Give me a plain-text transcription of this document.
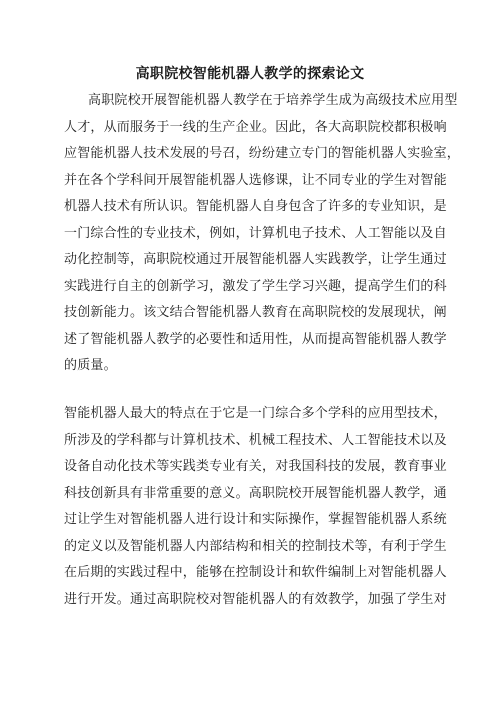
高职院校智能机器人教学的探索论文
高职院校开展智能机器人教学在于培养学生成为高级技术应用型
人才，从而服务于一线的生产企业。因此，各大高职院校都积极响
应智能机器人技术发展的号召，纷纷建立专门的智能机器人实验室，
并在各个学科间开展智能机器人选修课，让不同专业的学生对智能
机器人技术有所认识。智能机器人自身包含了许多的专业知识，是
一门综合性的专业技术，例如，计算机电子技术、人工智能以及自
动化控制等，高职院校通过开展智能机器人实践教学，让学生通过
实践进行自主的创新学习，激发了学生学习兴趣，提高学生们的科
技创新能力。该文结合智能机器人教育在高职院校的发展现状，阐
述了智能机器人教学的必要性和适用性，从而提高智能机器人教学
的质量。
智能机器人最大的特点在于它是一门综合多个学科的应用型技术，
所涉及的学科都与计算机技术、机械工程技术、人工智能技术以及
设备自动化技术等实践类专业有关，对我国科技的发展，教育事业
科技创新具有非常重要的意义。高职院校开展智能机器人教学，通
过让学生对智能机器人进行设计和实际操作，掌握智能机器人系统
的定义以及智能机器人内部结构和相关的控制技术等，有利于学生
在后期的实践过程中，能够在控制设计和软件编制上对智能机器人
进行开发。通过高职院校对智能机器人的有效教学，加强了学生对
